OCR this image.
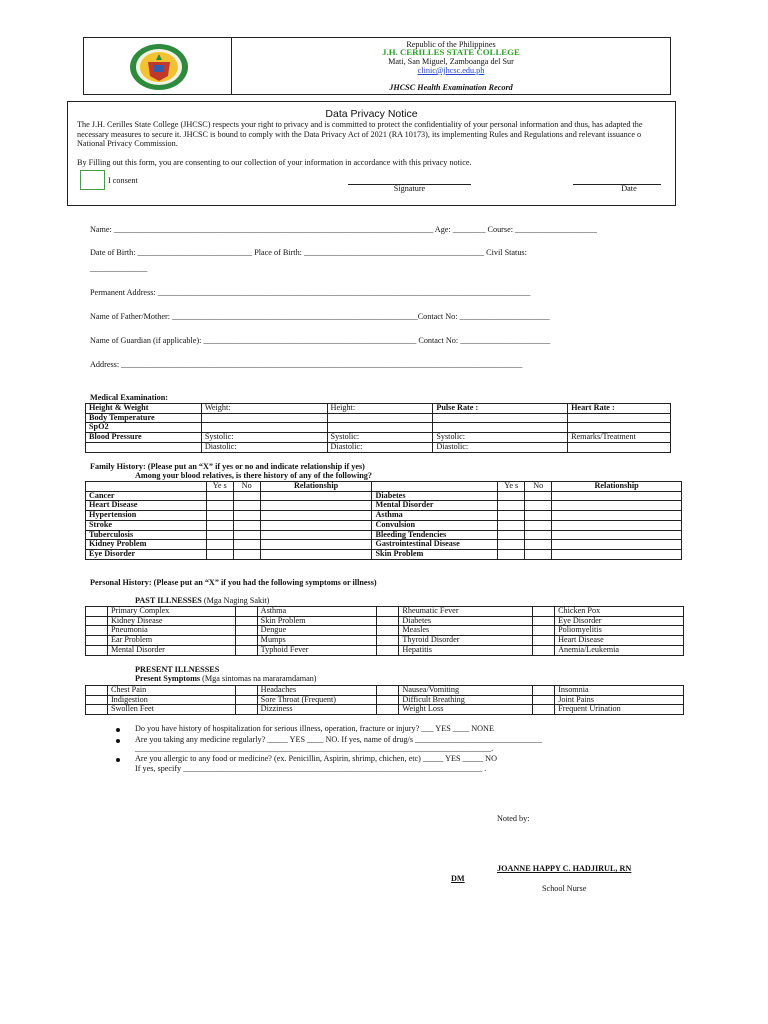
Republic of the Philippines
J.H. CERILLES STATE COLLEGE
Mati, San Miguel, Zamboanga del Sur
clinic@jhcsc.edu.ph
JHCSC Health Examination Record
Data Privacy Notice
The J.H. Cerilles State College (JHCSC) respects your right to privacy and is committed to protect the confidentiality of your personal information and thus, has adapted the necessary measures to secure it. JHCSC is bound to comply with the Data Privacy Act of 2021 (RA 10173), its implementing Rules and Regulations and relevant issuance o National Privacy Commission.
By Filling out this form, you are consenting to our collection of your information in accordance with this privacy notice.
I consent
Signature	Date
Name: ______________________________________________________________________________ Age: ________ Course: ____________________
Date of Birth: ____________________________ Place of Birth: ____________________________________________ Civil Status:
______________
Permanent Address: ___________________________________________________________________________________________
Name of Father/Mother: ____________________________________________________________Contact No: ______________________
Name of Guardian (if applicable): ____________________________________________________ Contact No: ______________________
Address: __________________________________________________________________________________________________
Medical Examination:
Height & Weight	Weight:	Height:	Pulse Rate :	Heart Rate :
Body Temperature				
SpO2				
Blood Pressure	Systolic:	Systolic:	Systolic:	Remarks/Treatment
	Diastolic:	Diastolic:	Diastolic:	
Family History: (Please put an “X” if yes or no and indicate relationship if yes)
Among your blood relatives, is there history of any of the following?
	Ye s	No	Relationship		Ye s	No	Relationship
Cancer				Diabetes			
Heart Disease				Mental Disorder			
Hypertension				Asthma			
Stroke				Convulsion			
Tuberculosis				Bleeding Tendencies			
Kidney Problem				Gastrointestinal Disease			
Eye Disorder				Skin Problem			
Personal History: (Please put an “X” if you had the following symptoms or illness)
PAST ILLNESSES (Mga Naging Sakit)
	Primary Complex		Asthma		Rheumatic Fever		Chicken Pox
	Kidney Disease		Skin Problem		Diabetes		Eye Disorder
	Pneumonia		Dengue		Measles		Poliomyelitis
	Ear Problem		Mumps		Thyroid Disorder		Heart Disease
	Mental Disorder		Typhoid Fever		Hepatitis		Anemia/Leukemia
PRESENT ILLNESSES
Present Symptoms (Mga sintomas na mararamdaman)
	Chest Pain		Headaches		Nausea/Vomiting		Insomnia
	Indigestion		Sore Throat (Frequent)		Difficult Breathing		Joint Pains
	Swollen Feet		Dizziness		Weight Loss		Frequent Urination
Do you have history of hospitalization for serious illness, operation, fracture or injury? ___ YES ____ NONE
Are you taking any medicine regularly? _____ YES ____ NO. If yes, name of drug/s _______________________________
_______________________________________________________________________________________.
Are you allergic to any food or medicine? (ex. Penicillin, Aspirin, shrimp, chichen, etc) _____ YES _____ NO
If yes, specify _________________________________________________________________________ .
Noted by:
JOANNE HAPPY C. HADJIRUL, RN
DM
School Nurse
